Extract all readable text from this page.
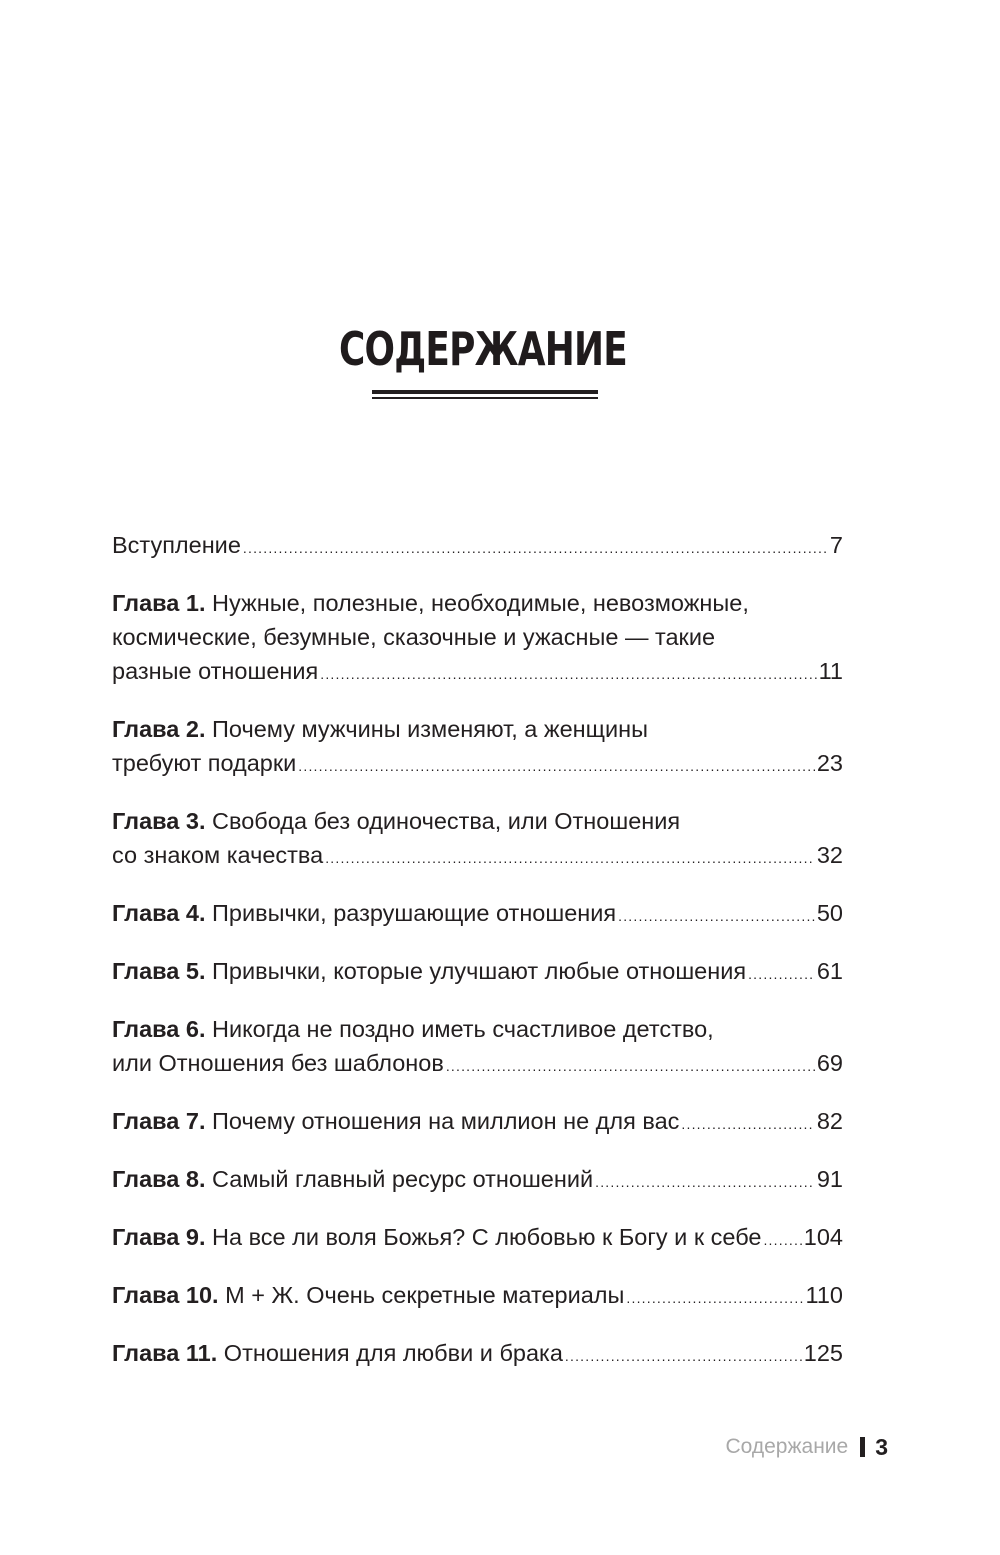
СОДЕРЖАНИЕ
Вступление .....	7
Глава 1. Нужные, полезные, необходимые, невозможные,
космические, безумные, сказочные и ужасные — такие
разные отношения .....	11
Глава 2. Почему мужчины изменяют, а женщины
требуют подарки .....	23
Глава 3. Свобода без одиночества, или Отношения
со знаком качества .....	32
Глава 4. Привычки, разрушающие отношения .....	50
Глава 5. Привычки, которые улучшают любые отношения .....	61
Глава 6. Никогда не поздно иметь счастливое детство,
или Отношения без шаблонов .....	69
Глава 7. Почему отношения на миллион не для вас .....	82
Глава 8. Самый главный ресурс отношений .....	91
Глава 9. На все ли воля Божья? С любовью к Богу и к себе ..... 104
Глава 10. М + Ж. Очень секретные материалы .....	110
Глава 11. Отношения для любви и брака .....	125
Содержание 3
